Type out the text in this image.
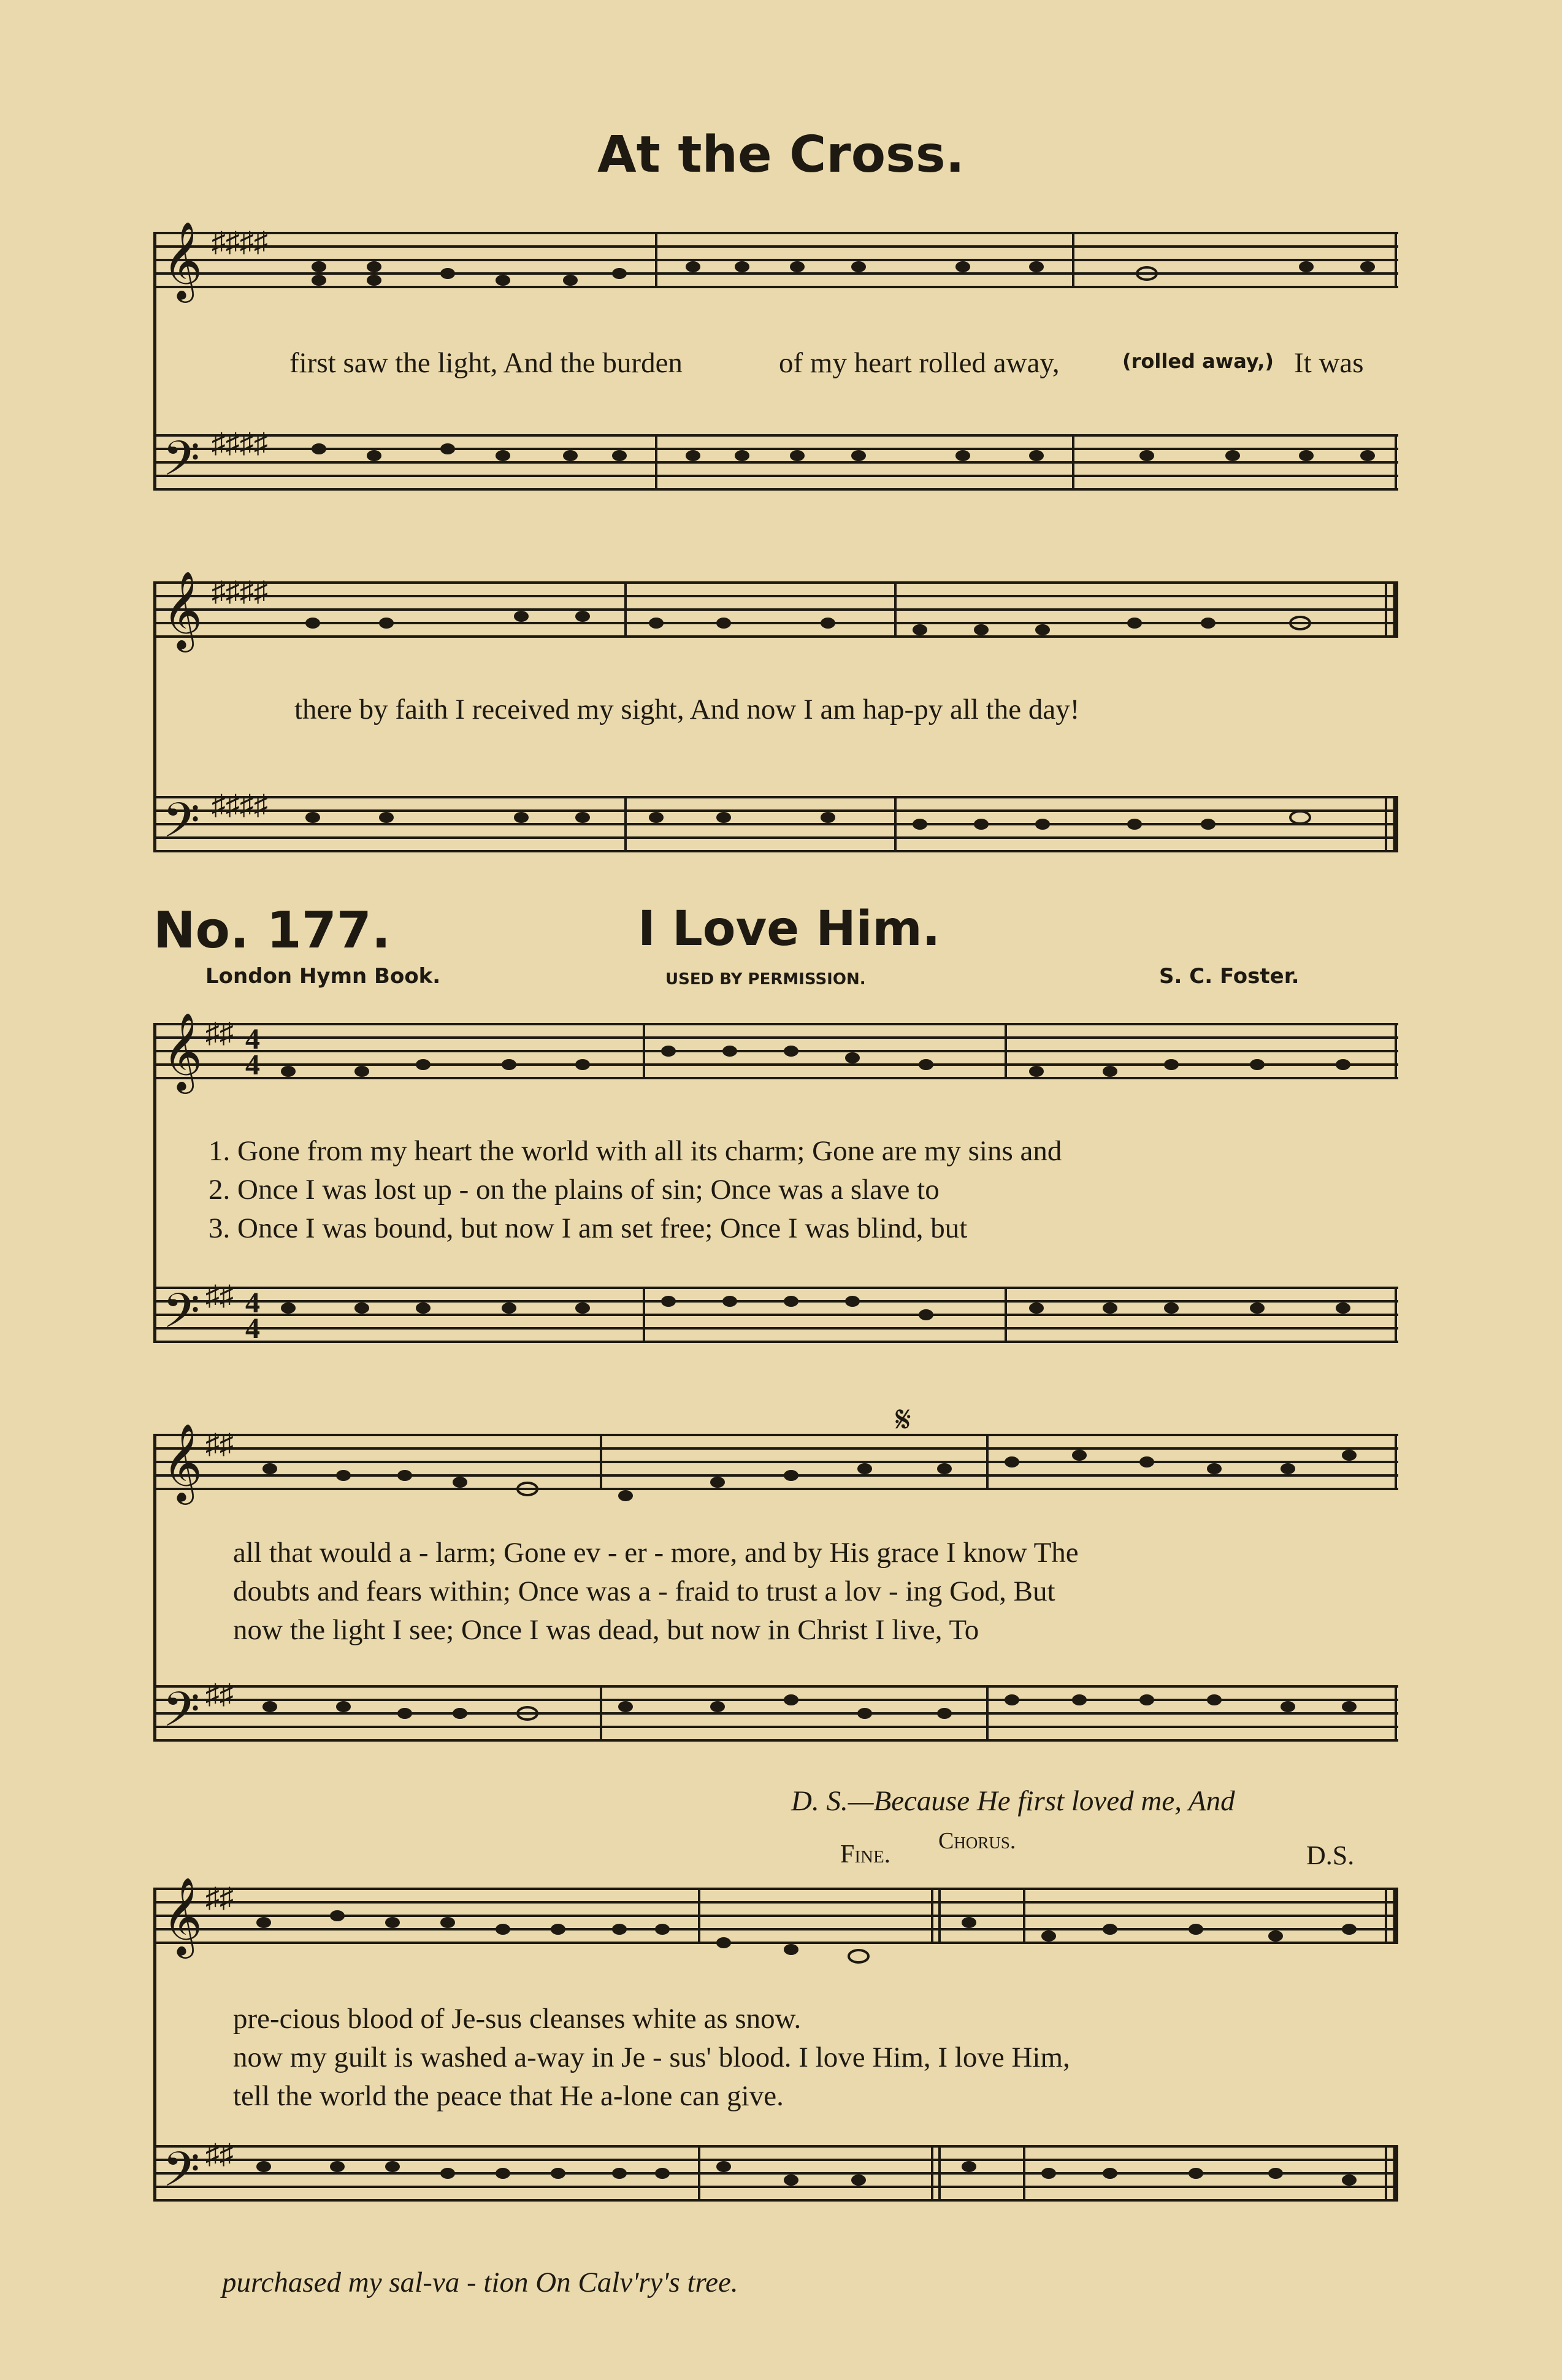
At the Cross.
𝄞
𝄢
♯♯♯♯
♯♯♯♯
first saw the light, And the burden	of my heart rolled away,	(rolled away,) It was
𝄞
𝄢
♯♯♯♯
♯♯♯♯
there by faith I received my sight, And now I am hap-py all the day!
No. 177.	I Love Him.
London Hymn Book.	USED BY PERMISSION.	S. C. Foster.
𝄞
𝄢
♯♯
♯♯
4
4
4
4
1. Gone from my heart the world with all its charm; Gone are my sins and
2. Once I was lost up - on the plains of sin; Once was a slave to
3. Once I was bound, but now I am set free; Once I was blind, but
𝄞
𝄢
♯♯
♯♯
𝄋
all that would a - larm; Gone ev - er - more, and by His grace I know The
doubts and fears within; Once was a - fraid to trust a lov - ing God, But
now the light I see; Once I was dead, but now in Christ I live, To
D. S.—Because He first loved me, And
Fine. Chorus.	D.S.
𝄞
𝄢
♯♯
♯♯
pre-cious blood of Je-sus cleanses white as snow.
now my guilt is washed a-way in Je - sus' blood. I love Him, I love Him,
tell the world the peace that He a-lone can give.
purchased my sal-va - tion On Calv'ry's tree.
